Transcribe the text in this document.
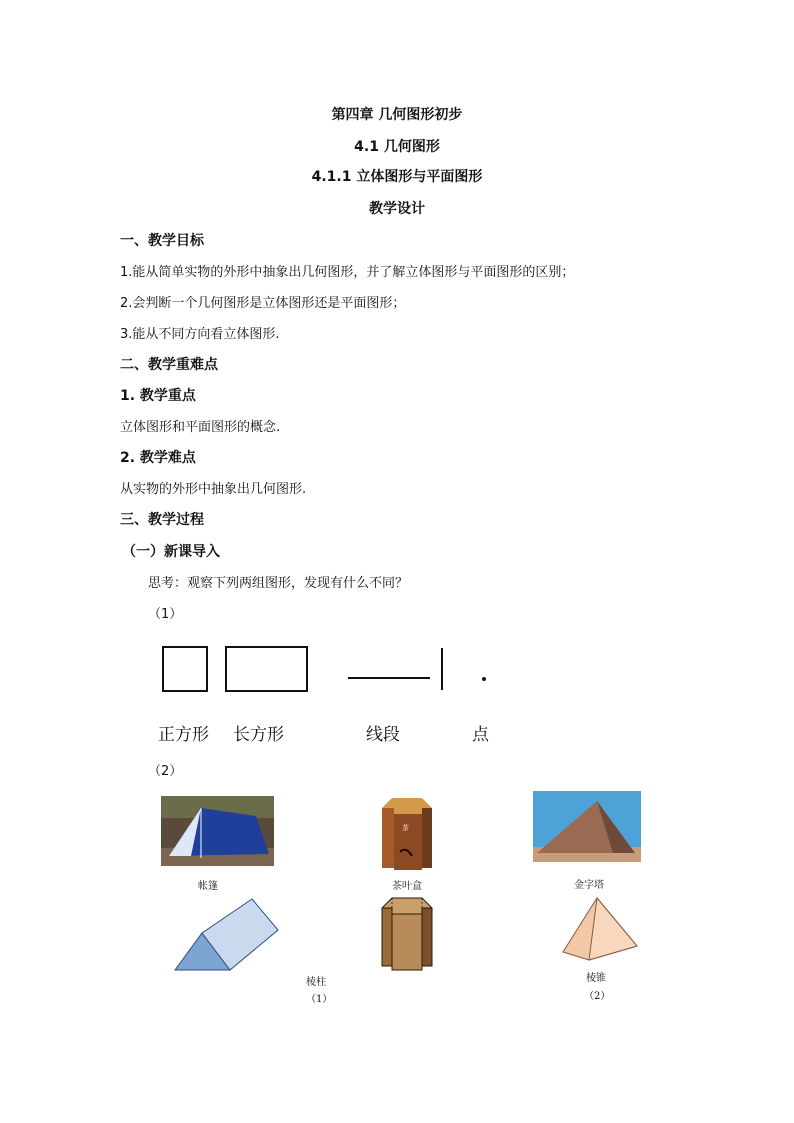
第四章 几何图形初步
4.1 几何图形
4.1.1 立体图形与平面图形
教学设计
一、教学目标
1.能从简单实物的外形中抽象出几何图形，并了解立体图形与平面图形的区别；
2.会判断一个几何图形是立体图形还是平面图形；
3.能从不同方向看立体图形.
二、教学重难点
1. 教学重点
立体图形和平面图形的概念.
2. 教学难点
从实物的外形中抽象出几何图形.
三、教学过程
（一）新课导入
思考：观察下列两组图形，发现有什么不同？
（1）
正方形 长方形	线段	点
（2）
帐篷
茶
茶叶盒	金字塔
棱柱
（1）
棱锥
（2）
